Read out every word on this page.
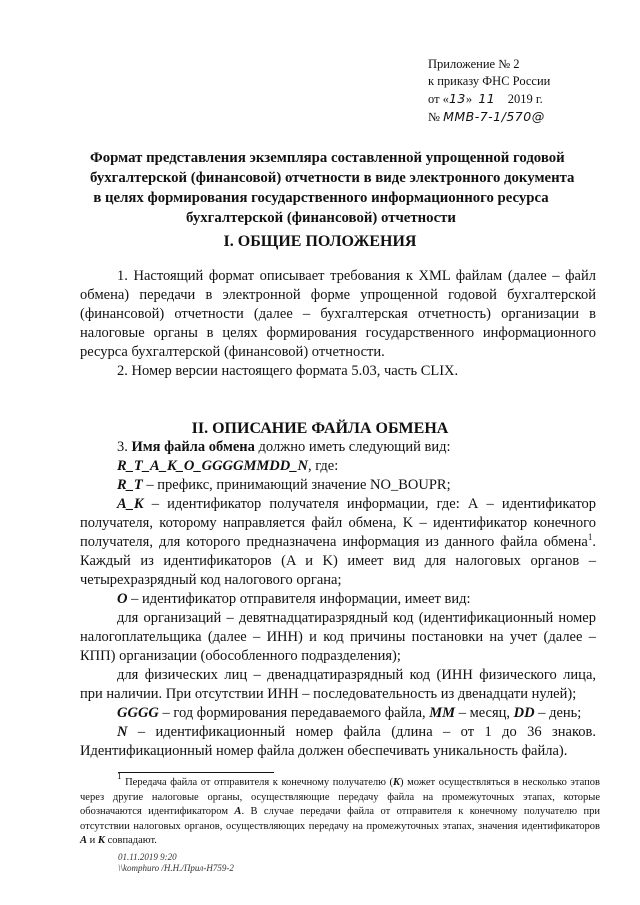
Приложение № 2
к приказу ФНС России
от «13» 11 2019 г.
№ ММВ-7-1/570@
Формат представления экземпляра составленной упрощенной годовой
бухгалтерской (финансовой) отчетности в виде электронного документа
в целях формирования государственного информационного ресурса
бухгалтерской (финансовой) отчетности
I. ОБЩИЕ ПОЛОЖЕНИЯ

1. Настоящий формат описывает требования к XML файлам (далее – файл обмена) передачи в электронной форме упрощенной годовой бухгалтерской (финансовой) отчетности (далее – бухгалтерская отчетность) организации в налоговые органы в целях формирования государственного информационного ресурса бухгалтерской (финансовой) отчетности.

2. Номер версии настоящего формата 5.03, часть CLIX.

II. ОПИСАНИЕ ФАЙЛА ОБМЕНА

3. Имя файла обмена должно иметь следующий вид:

R_T_A_K_O_GGGGMMDD_N, где:

R_T – префикс, принимающий значение NO_BOUPR;

A_K – идентификатор получателя информации, где: А – идентификатор получателя, которому направляется файл обмена, K – идентификатор конечного получателя, для которого предназначена информация из данного файла обмена$^1$. Каждый из идентификаторов (A и K) имеет вид для налоговых органов – четырехразрядный код налогового органа;

O – идентификатор отправителя информации, имеет вид:

для организаций – девятнадцатиразрядный код (идентификационный номер налогоплательщика (далее – ИНН) и код причины постановки на учет (далее – КПП) организации (обособленного подразделения);

для физических лиц – двенадцатиразрядный код (ИНН физического лица, при наличии. При отсутствии ИНН – последовательность из двенадцати нулей);

GGGG – год формирования передаваемого файла, MM – месяц, DD – день;

N – идентификационный номер файла (длина – от 1 до 36 знаков. Идентификационный номер файла должен обеспечивать уникальность файла).

$^1$ Передача файла от отправителя к конечному получателю (K) может осуществляться в несколько этапов через другие налоговые органы, осуществляющие передачу файла на промежуточных этапах, которые обозначаются идентификатором А. В случае передачи файла от отправителя к конечному получателю при отсутствии налоговых органов, осуществляющих передачу на промежуточных этапах, значения идентификаторов А и К совпадают.

01.11.2019 9:20
\\komphuro /Н.Н./Прил-Н759-2
